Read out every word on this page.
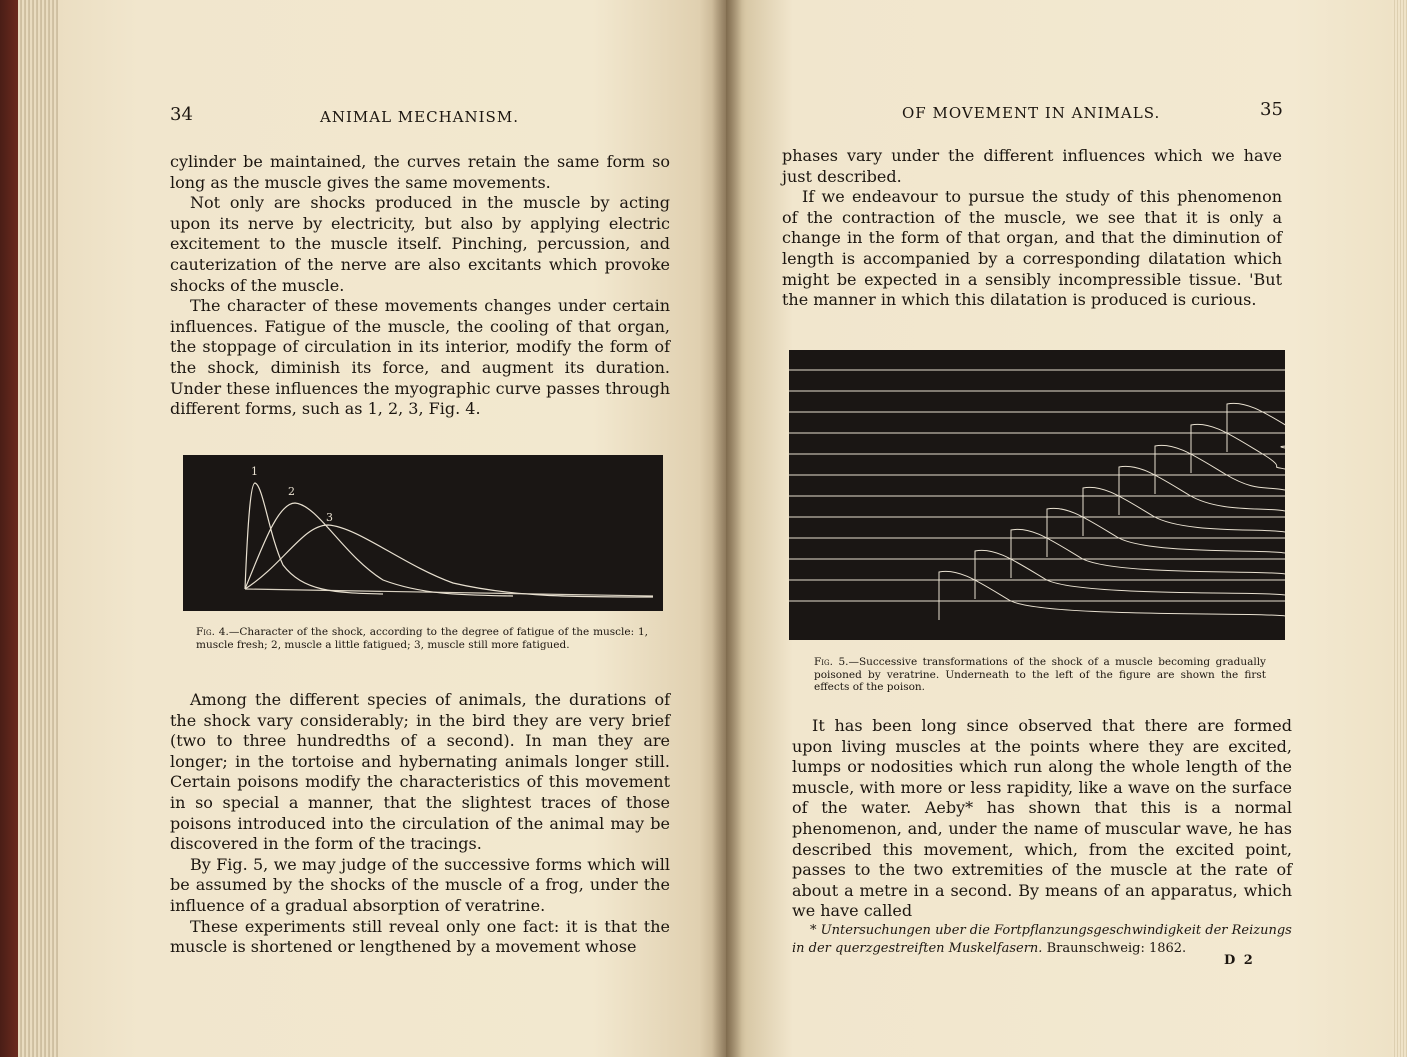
34	ANIMAL MECHANISM.

cylinder be maintained, the curves retain the same form so long as the muscle gives the same movements.

Not only are shocks produced in the muscle by acting upon its nerve by electricity, but also by applying electric excitement to the muscle itself. Pinching, percussion, and cauterization of the nerve are also excitants which provoke shocks of the muscle.

The character of these movements changes under certain influences. Fatigue of the muscle, the cooling of that organ, the stoppage of circulation in its interior, modify the form of the shock, diminish its force, and augment its duration. Under these influences the myographic curve passes through different forms, such as 1, 2, 3, Fig. 4.

1
2
3
Fig. 4.—Character of the shock, according to the degree of fatigue of the muscle: 1, muscle fresh; 2, muscle a little fatigued; 3, muscle still more fatigued.

Among the different species of animals, the durations of the shock vary considerably; in the bird they are very brief (two to three hundredths of a second). In man they are longer; in the tortoise and hybernating animals longer still. Certain poisons modify the characteristics of this movement in so special a manner, that the slightest traces of those poisons introduced into the circulation of the animal may be discovered in the form of the tracings.

By Fig. 5, we may judge of the successive forms which will be assumed by the shocks of the muscle of a frog, under the influence of a gradual absorption of veratrine.

These experiments still reveal only one fact: it is that the muscle is shortened or lengthened by a movement whose

OF MOVEMENT IN ANIMALS.	35

phases vary under the different influences which we have just described.

If we endeavour to pursue the study of this phenomenon of the contraction of the muscle, we see that it is only a change in the form of that organ, and that the diminution of length is accompanied by a corresponding dilatation which might be expected in a sensibly incompressible tissue. 'But the manner in which this dilatation is produced is curious.

Fig. 5.—Successive transformations of the shock of a muscle becoming gradually poisoned by veratrine. Underneath to the left of the figure are shown the first effects of the poison.

It has been long since observed that there are formed upon living muscles at the points where they are excited, lumps or nodosities which run along the whole length of the muscle, with more or less rapidity, like a wave on the surface of the water. Aeby* has shown that this is a normal phenomenon, and, under the name of muscular wave, he has described this movement, which, from the excited point, passes to the two extremities of the muscle at the rate of about a metre in a second. By means of an apparatus, which we have called

* Untersuchungen uber die Fortpflanzungsgeschwindigkeit der Reizungs in der querzgestreiften Muskelfasern. Braunschweig: 1862.
D 2
